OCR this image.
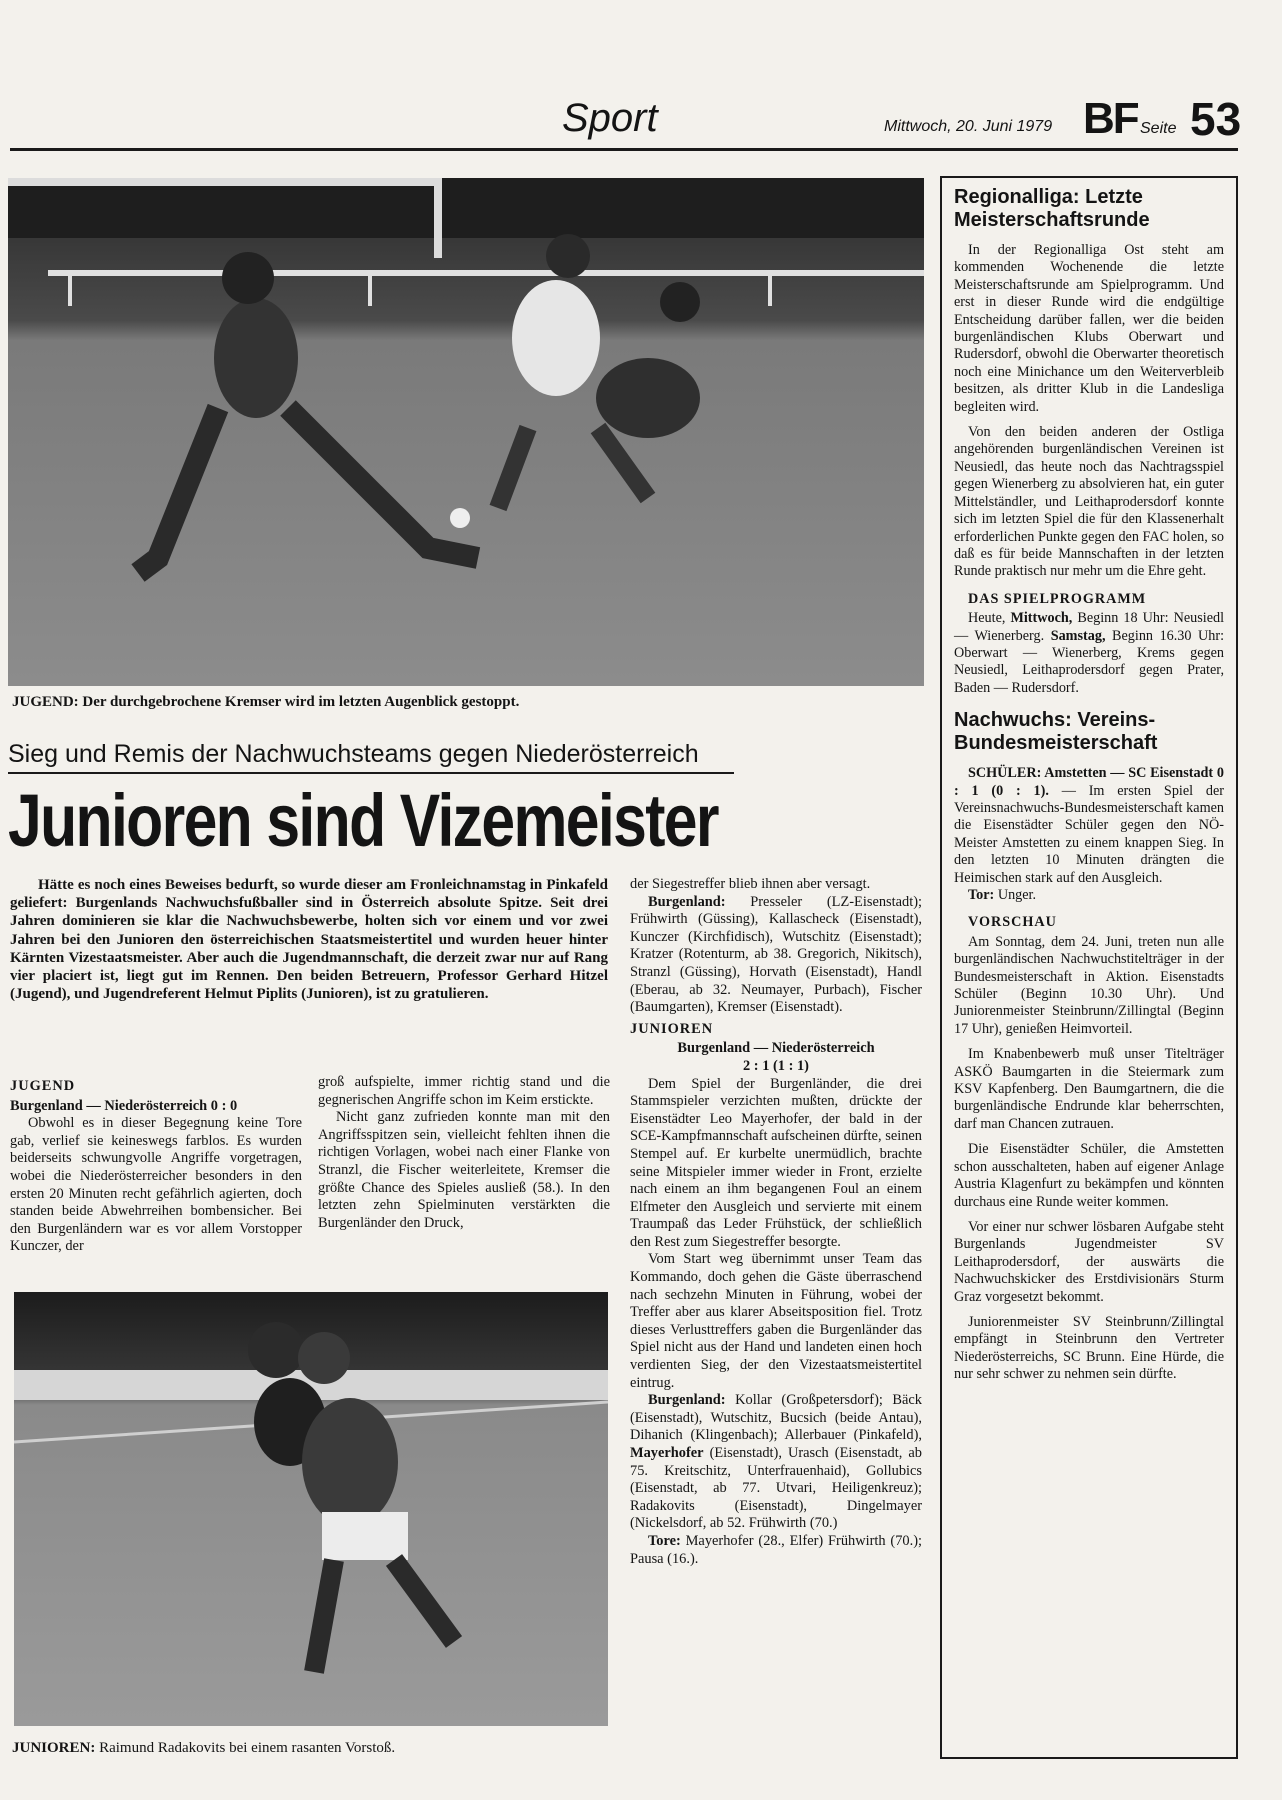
Sport	Mittwoch, 20. Juni 1979 BF Seite 53
JUGEND: Der durchgebrochene Kremser wird im letzten Augenblick gestoppt.
Sieg und Remis der Nachwuchsteams gegen Niederösterreich
Junioren sind Vizemeister
Hätte es noch eines Beweises bedurft, so wurde dieser am Fronleichnamstag in Pinkafeld geliefert: Burgenlands Nachwuchsfußballer sind in Österreich absolute Spitze. Seit drei Jahren dominieren sie klar die Nachwuchsbewerbe, holten sich vor einem und vor zwei Jahren bei den Junioren den österreichischen Staatsmeistertitel und wurden heuer hinter Kärnten Vizestaatsmeister. Aber auch die Jugendmannschaft, die derzeit zwar nur auf Rang vier placiert ist, liegt gut im Rennen. Den beiden Betreuern, Professor Gerhard Hitzel (Jugend), und Jugendreferent Helmut Piplits (Junioren), ist zu gratulieren.

JUGEND

Burgenland — Niederösterreich 0 : 0

Obwohl es in dieser Begegnung keine Tore gab, verlief sie keineswegs farblos. Es wurden beiderseits schwungvolle Angriffe vorgetragen, wobei die Niederösterreicher besonders in den ersten 20 Minuten recht gefährlich agierten, doch standen beide Abwehrreihen bombensicher. Bei den Burgenländern war es vor allem Vorstopper Kunczer, der

groß aufspielte, immer richtig stand und die gegnerischen Angriffe schon im Keim erstickte.

Nicht ganz zufrieden konnte man mit den Angriffsspitzen sein, vielleicht fehlten ihnen die richtigen Vorlagen, wobei nach einer Flanke von Stranzl, die Fischer weiterleitete, Kremser die größte Chance des Spieles ausließ (58.). In den letzten zehn Spielminuten verstärkten die Burgenländer den Druck,

JUNIOREN: Raimund Radakovits bei einem rasanten Vorstoß.

der Siegestreffer blieb ihnen aber versagt.

Burgenland: Presseler (LZ-Eisenstadt); Frühwirth (Güssing), Kallascheck (Eisenstadt), Kunczer (Kirchfidisch), Wutschitz (Eisenstadt); Kratzer (Rotenturm, ab 38. Gregorich, Nikitsch), Stranzl (Güssing), Horvath (Eisenstadt), Handl (Eberau, ab 32. Neumayer, Purbach), Fischer (Baumgarten), Kremser (Eisenstadt).

JUNIOREN

Burgenland — Niederösterreich

2 : 1 (1 : 1)

Dem Spiel der Burgenländer, die drei Stammspieler verzichten mußten, drückte der Eisenstädter Leo Mayerhofer, der bald in der SCE-Kampfmannschaft aufscheinen dürfte, seinen Stempel auf. Er kurbelte unermüdlich, brachte seine Mitspieler immer wieder in Front, erzielte nach einem an ihm begangenen Foul an einem Elfmeter den Ausgleich und servierte mit einem Traumpaß das Leder Frühstück, der schließlich den Rest zum Siegestreffer besorgte.

Vom Start weg übernimmt unser Team das Kommando, doch gehen die Gäste überraschend nach sechzehn Minuten in Führung, wobei der Treffer aber aus klarer Abseitsposition fiel. Trotz dieses Verlusttreffers gaben die Burgenländer das Spiel nicht aus der Hand und landeten einen hoch verdienten Sieg, der den Vizestaatsmeistertitel eintrug.

Burgenland: Kollar (Großpetersdorf); Bäck (Eisenstadt), Wutschitz, Bucsich (beide Antau), Dihanich (Klingenbach); Allerbauer (Pinkafeld), Mayerhofer (Eisenstadt), Urasch (Eisenstadt, ab 75. Kreitschitz, Unterfrauenhaid), Gollubics (Eisenstadt, ab 77. Utvari, Heiligenkreuz); Radakovits (Eisenstadt), Dingelmayer (Nickelsdorf, ab 52. Frühwirth (70.)

Tore: Mayerhofer (28., Elfer) Frühwirth (70.); Pausa (16.).

Regionalliga: Letzte Meisterschaftsrunde

In der Regionalliga Ost steht am kommenden Wochenende die letzte Meisterschaftsrunde am Spielprogramm. Und erst in dieser Runde wird die endgültige Entscheidung darüber fallen, wer die beiden burgenländischen Klubs Oberwart und Rudersdorf, obwohl die Oberwarter theoretisch noch eine Minichance um den Weiterverbleib besitzen, als dritter Klub in die Landesliga begleiten wird.

Von den beiden anderen der Ostliga angehörenden burgenländischen Vereinen ist Neusiedl, das heute noch das Nachtragsspiel gegen Wienerberg zu absolvieren hat, ein guter Mittelständler, und Leithaprodersdorf konnte sich im letzten Spiel die für den Klassenerhalt erforderlichen Punkte gegen den FAC holen, so daß es für beide Mannschaften in der letzten Runde praktisch nur mehr um die Ehre geht.

DAS SPIELPROGRAMM

Heute, Mittwoch, Beginn 18 Uhr: Neusiedl — Wienerberg. Samstag, Beginn 16.30 Uhr: Oberwart — Wienerberg, Krems gegen Neusiedl, Leithaprodersdorf gegen Prater, Baden — Rudersdorf.

Nachwuchs: Vereins-Bundesmeisterschaft

SCHÜLER: Amstetten — SC Eisenstadt 0 : 1 (0 : 1). — Im ersten Spiel der Vereinsnachwuchs-Bundesmeisterschaft kamen die Eisenstädter Schüler gegen den NÖ-Meister Amstetten zu einem knappen Sieg. In den letzten 10 Minuten drängten die Heimischen stark auf den Ausgleich.

Tor: Unger.

VORSCHAU

Am Sonntag, dem 24. Juni, treten nun alle burgenländischen Nachwuchstitelträger in der Bundesmeisterschaft in Aktion. Eisenstadts Schüler (Beginn 10.30 Uhr). Und Juniorenmeister Steinbrunn/Zillingtal (Beginn 17 Uhr), genießen Heimvorteil.

Im Knabenbewerb muß unser Titelträger ASKÖ Baumgarten in die Steiermark zum KSV Kapfenberg. Den Baumgartnern, die die burgenländische Endrunde klar beherrschten, darf man Chancen zutrauen.

Die Eisenstädter Schüler, die Amstetten schon ausschalteten, haben auf eigener Anlage Austria Klagenfurt zu bekämpfen und könnten durchaus eine Runde weiter kommen.

Vor einer nur schwer lösbaren Aufgabe steht Burgenlands Jugendmeister SV Leithaprodersdorf, der auswärts die Nachwuchskicker des Erstdivisionärs Sturm Graz vorgesetzt bekommt.

Juniorenmeister SV Steinbrunn/Zillingtal empfängt in Steinbrunn den Vertreter Niederösterreichs, SC Brunn. Eine Hürde, die nur sehr schwer zu nehmen sein dürfte.
